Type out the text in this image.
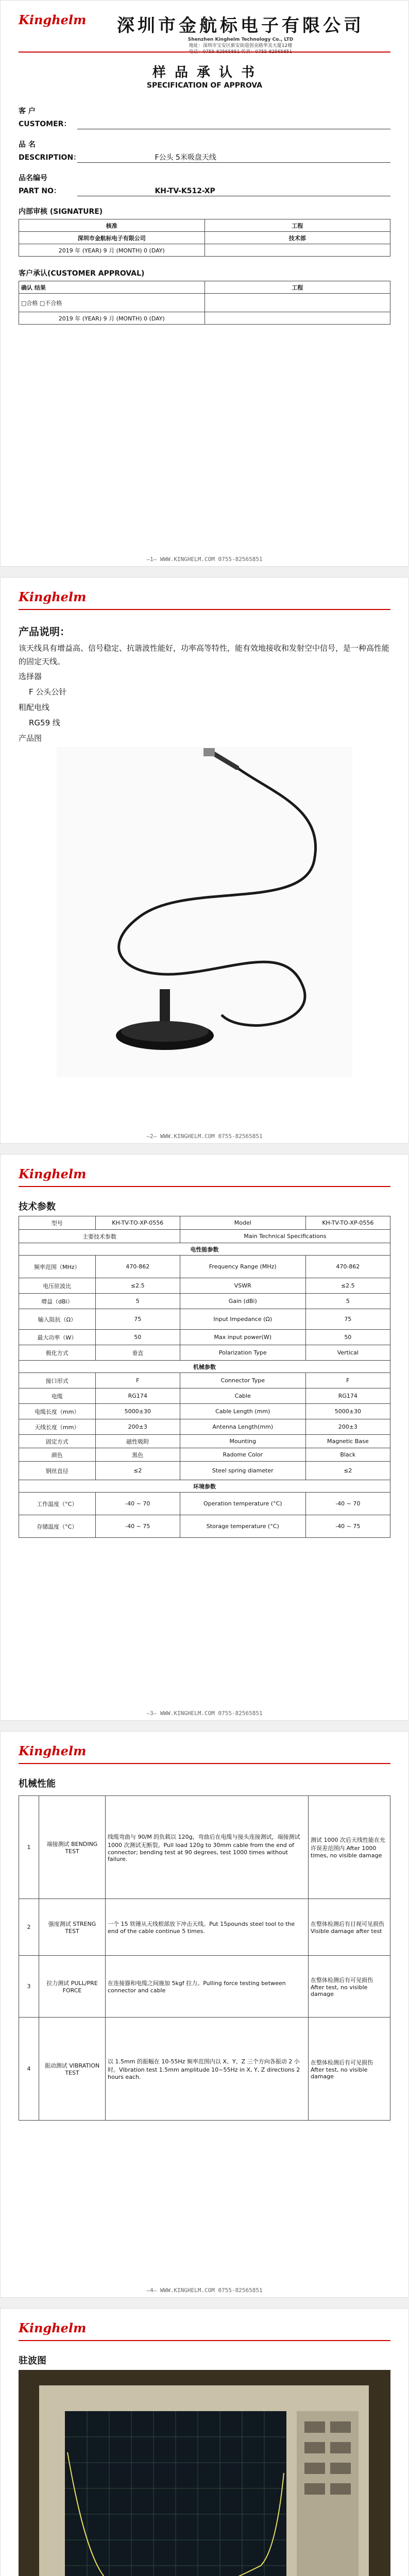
Kinghelm	深圳市金航标电子有限公司
Shenzhen Kinghelm Technology Co., LTD
地址：深圳市宝安区新安街道创业路华美大厦12楼
电话：0755-82565851 传真：0755-82565851
样 品 承 认 书
SPECIFICATION OF APPROVA
客 户
CUSTOMER：
品 名
DESCRIPTION：	F公头 5米吸盘天线
品名编号
PART NO：	KH-TV-K512-XP
内部审核 (SIGNATURE)
核准	工程
深圳市金航标电子有限公司	技术部
2019 年 (YEAR) 9 月 (MONTH) 0 (DAY)	
客户承认(CUSTOMER APPROVAL)
确认 结果	工程
□合格 □不合格	
2019 年 (YEAR) 9 月 (MONTH) 0 (DAY)	
—1— WWW.KINGHELM.COM 0755-82565851
Kinghelm
产品说明：
该天线具有增益高、信号稳定、抗谐波性能好，功率高等特性，能有效地接收和发射空中信号，是一种高性能的固定天线。
选择器
F 公头公针
粗配电线
RG59 线
产品图
—2— WWW.KINGHELM.COM 0755-82565851
Kinghelm
技术参数
型号	KH-TV-TO-XP-0556	Model	KH-TV-TO-XP-0556
主要技术参数		Main Technical Specifications	
电性能参数			
频率范围（MHz）	470-862	Frequency Range (MHz)	470-862
电压驻波比	≤2.5	VSWR	≤2.5
增益（dBi）	5	Gain (dBi)	5
输入阻抗（Ω）	75	Input Impedance (Ω)	75
最大功率（W）	50	Max input power(W)	50
极化方式	垂直	Polarization Type	Vertical
机械参数			
接口形式	F	Connector Type	F
电缆	RG174	Cable	RG174
电缆长度（mm）	5000±30	Cable Length (mm)	5000±30
天线长度（mm）	200±3	Antenna Length(mm)	200±3
固定方式	磁性吸附	Mounting	Magnetic Base
颜色	黑色	Radome Color	Black
钢丝直径	≤2	Steel spring diameter	≤2
环境参数			
工作温度（°C）	-40 ~ 70	Operation temperature (°C)	-40 ~ 70
存储温度（°C）	-40 ~ 75	Storage temperature (°C)	-40 ~ 75
—3— WWW.KINGHELM.COM 0755-82565851
Kinghelm
机械性能
1	端接测试 BENDING TEST	线缆弯曲与 90/M 的负载以 120g，弯曲后在电缆与接头连接测试，端接测试 1000 次测试无断裂。Pull load 120g to 30mm cable from the end of connector; bending test at 90 degrees, test 1000 times without failure.	测试 1000 次后天线性能在允许误差范围内 After 1000 times, no visible damage
2	强度测试 STRENG TEST	一个 15 铁锤从天线根部放下冲击天线。Put 15pounds steel tool to the end of the cable continue 5 times.	在整体检测后有目视可见损伤 Visible damage after test
3	拉力测试 PULL/PRE FORCE	在连接器和电缆之间施加 5kgf 拉力。Pulling force testing between connector and cable	在整体检测后有可见损伤 After test, no visible damage
4	振动测试 VIBRATION TEST	以 1.5mm 的振幅在 10-55Hz 频率范围内以 X、Y、Z 三个方向各振动 2 小时。Vibration test 1.5mm amplitude 10~55Hz in X, Y, Z directions 2 hours each.	在整体检测后有可见损伤 After test, no visible damage
—4— WWW.KINGHELM.COM 0755-82565851
Kinghelm
驻波图
